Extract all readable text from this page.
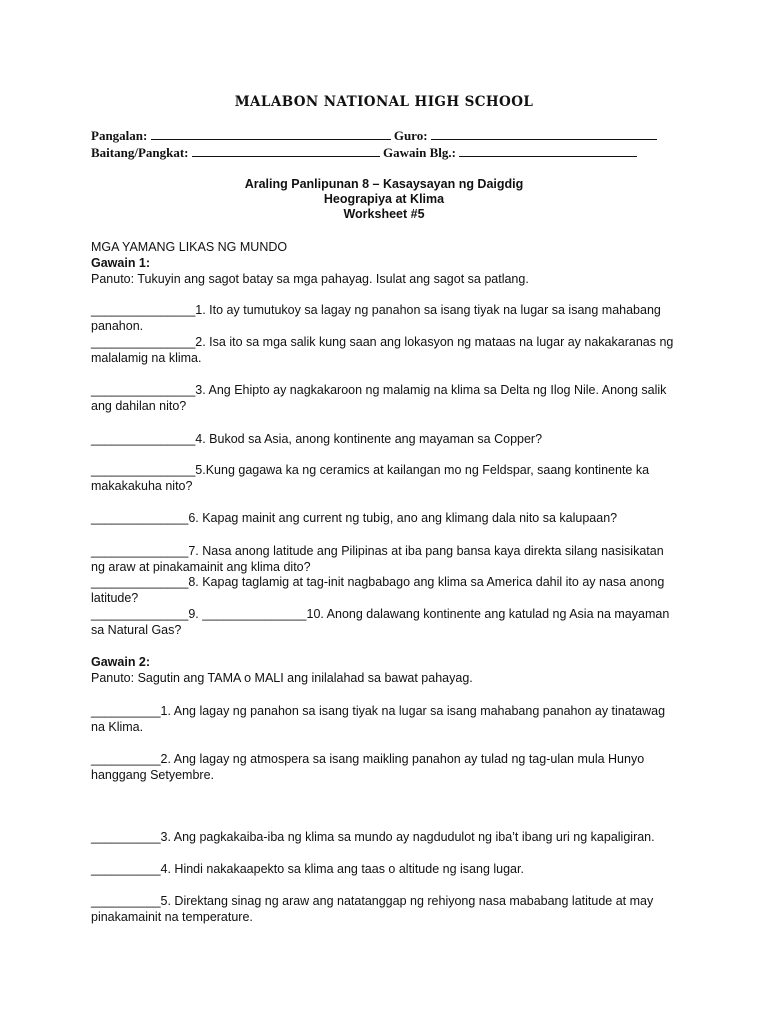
MALABON NATIONAL HIGH SCHOOL
Pangalan:	Guro:
Baitang/Pangkat:	Gawain Blg.:
Araling Panlipunan 8 – Kasaysayan ng Daigdig
Heograpiya at Klima
Worksheet #5
MGA YAMANG LIKAS NG MUNDO
Gawain 1:
Panuto: Tukuyin ang sagot batay sa mga pahayag. Isulat ang sagot sa patlang.
_______________1. Ito ay tumutukoy sa lagay ng panahon sa isang tiyak na lugar sa isang mahabang
panahon.
_______________2. Isa ito sa mga salik kung saan ang lokasyon ng mataas na lugar ay nakakaranas ng
malalamig na klima.
_______________3. Ang Ehipto ay nagkakaroon ng malamig na klima sa Delta ng Ilog Nile. Anong salik
ang dahilan nito?
_______________4. Bukod sa Asia, anong kontinente ang mayaman sa Copper?
_______________5.Kung gagawa ka ng ceramics at kailangan mo ng Feldspar, saang kontinente ka
makakakuha nito?
______________6. Kapag mainit ang current ng tubig, ano ang klimang dala nito sa kalupaan?
______________7. Nasa anong latitude ang Pilipinas at iba pang bansa kaya direkta silang nasisikatan
ng araw at pinakamainit ang klima dito?
______________8. Kapag taglamig at tag-init nagbabago ang klima sa America dahil ito ay nasa anong
latitude?
______________9. _______________10. Anong dalawang kontinente ang katulad ng Asia na mayaman
sa Natural Gas?
Gawain 2:
Panuto: Sagutin ang TAMA o MALI ang inilalahad sa bawat pahayag.
__________1. Ang lagay ng panahon sa isang tiyak na lugar sa isang mahabang panahon ay tinatawag
na Klima.
__________2. Ang lagay ng atmospera sa isang maikling panahon ay tulad ng tag-ulan mula Hunyo
hanggang Setyembre.
__________3. Ang pagkakaiba-iba ng klima sa mundo ay nagdudulot ng iba’t ibang uri ng kapaligiran.
__________4. Hindi nakakaapekto sa klima ang taas o altitude ng isang lugar.
__________5. Direktang sinag ng araw ang natatanggap ng rehiyong nasa mababang latitude at may
pinakamainit na temperature.
